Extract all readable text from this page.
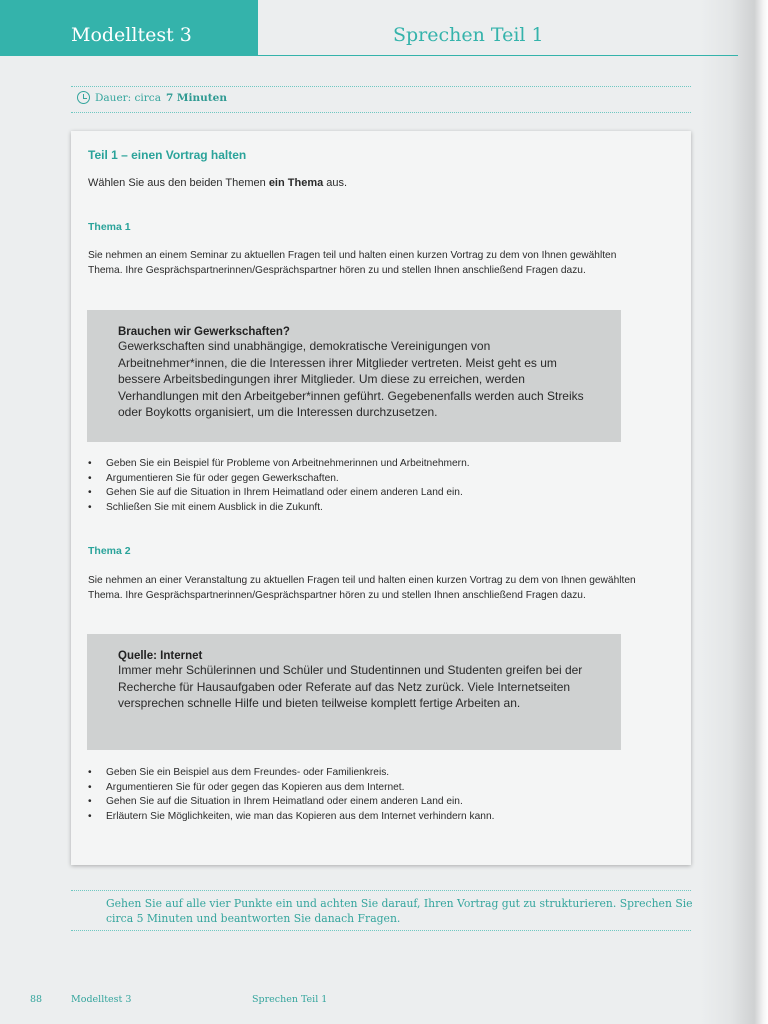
Modelltest 3	Sprechen Teil 1
Dauer: circa 7 Minuten
Teil 1 – einen Vortrag halten
Wählen Sie aus den beiden Themen ein Thema aus.
Thema 1
Sie nehmen an einem Seminar zu aktuellen Fragen teil und halten einen kurzen Vortrag zu dem von Ihnen gewählten Thema. Ihre Gesprächspartnerinnen/Gesprächspartner hören zu und stellen Ihnen anschließend Fragen dazu.
Brauchen wir Gewerkschaften?
Gewerkschaften sind unabhängige, demokratische Vereinigungen von Arbeitnehmer*innen, die die Interessen ihrer Mitglieder vertreten. Meist geht es um bessere Arbeitsbedingungen ihrer Mitglieder. Um diese zu erreichen, werden Verhandlungen mit den Arbeitgeber*innen geführt. Gegebenenfalls werden auch Streiks oder Boykotts organisiert, um die Interessen durchzusetzen.
• Geben Sie ein Beispiel für Probleme von Arbeitnehmerinnen und Arbeitnehmern.
• Argumentieren Sie für oder gegen Gewerkschaften.
• Gehen Sie auf die Situation in Ihrem Heimatland oder einem anderen Land ein.
• Schließen Sie mit einem Ausblick in die Zukunft.
Thema 2
Sie nehmen an einer Veranstaltung zu aktuellen Fragen teil und halten einen kurzen Vortrag zu dem von Ihnen gewählten Thema. Ihre Gesprächspartnerinnen/Gesprächspartner hören zu und stellen Ihnen anschließend Fragen dazu.
Quelle: Internet
Immer mehr Schülerinnen und Schüler und Studentinnen und Studenten greifen bei der Recherche für Hausaufgaben oder Referate auf das Netz zurück. Viele Internetseiten versprechen schnelle Hilfe und bieten teilweise komplett fertige Arbeiten an.
• Geben Sie ein Beispiel aus dem Freundes- oder Familienkreis.
• Argumentieren Sie für oder gegen das Kopieren aus dem Internet.
• Gehen Sie auf die Situation in Ihrem Heimatland oder einem anderen Land ein.
• Erläutern Sie Möglichkeiten, wie man das Kopieren aus dem Internet verhindern kann.
Gehen Sie auf alle vier Punkte ein und achten Sie darauf, Ihren Vortrag gut zu strukturieren. Sprechen Sie circa 5 Minuten und beantworten Sie danach Fragen.
88	Modelltest 3	Sprechen Teil 1
